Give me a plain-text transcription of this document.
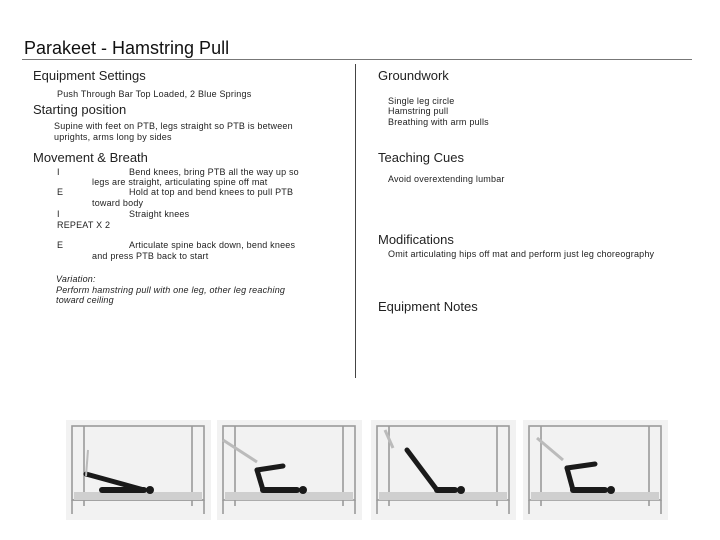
Parakeet - Hamstring Pull
Equipment Settings
Push Through Bar Top Loaded, 2 Blue Springs
Starting position
Supine with feet on PTB, legs straight so PTB is between
uprights, arms long by sides
Movement & Breath
I	Bend knees, bring PTB all the way up so
legs are straight, articulating spine off mat
E	Hold at top and bend knees to pull PTB
toward body
I	Straight knees
REPEAT X 2
E	Articulate spine back down, bend knees
and press PTB back to start
Variation:
Perform hamstring pull with one leg, other leg reaching
toward ceiling
Groundwork
Single leg circle
Hamstring pull
Breathing with arm pulls
Teaching Cues
Avoid overextending lumbar
Modifications
Omit articulating hips off mat and perform just leg choreography
Equipment Notes
